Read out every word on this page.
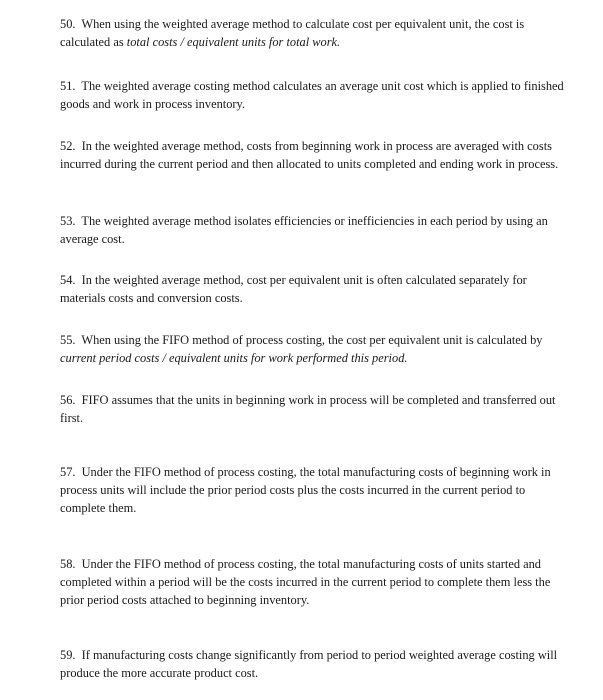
50. When using the weighted average method to calculate cost per equivalent unit, the cost is calculated as total costs / equivalent units for total work.

51. The weighted average costing method calculates an average unit cost which is applied to finished goods and work in process inventory.

52. In the weighted average method, costs from beginning work in process are averaged with costs incurred during the current period and then allocated to units completed and ending work in process.

53. The weighted average method isolates efficiencies or inefficiencies in each period by using an average cost.

54. In the weighted average method, cost per equivalent unit is often calculated separately for materials costs and conversion costs.

55. When using the FIFO method of process costing, the cost per equivalent unit is calculated by current period costs / equivalent units for work performed this period.

56. FIFO assumes that the units in beginning work in process will be completed and transferred out first.

57. Under the FIFO method of process costing, the total manufacturing costs of beginning work in process units will include the prior period costs plus the costs incurred in the current period to complete them.

58. Under the FIFO method of process costing, the total manufacturing costs of units started and completed within a period will be the costs incurred in the current period to complete them less the prior period costs attached to beginning inventory.

59. If manufacturing costs change significantly from period to period weighted average costing will produce the more accurate product cost.
